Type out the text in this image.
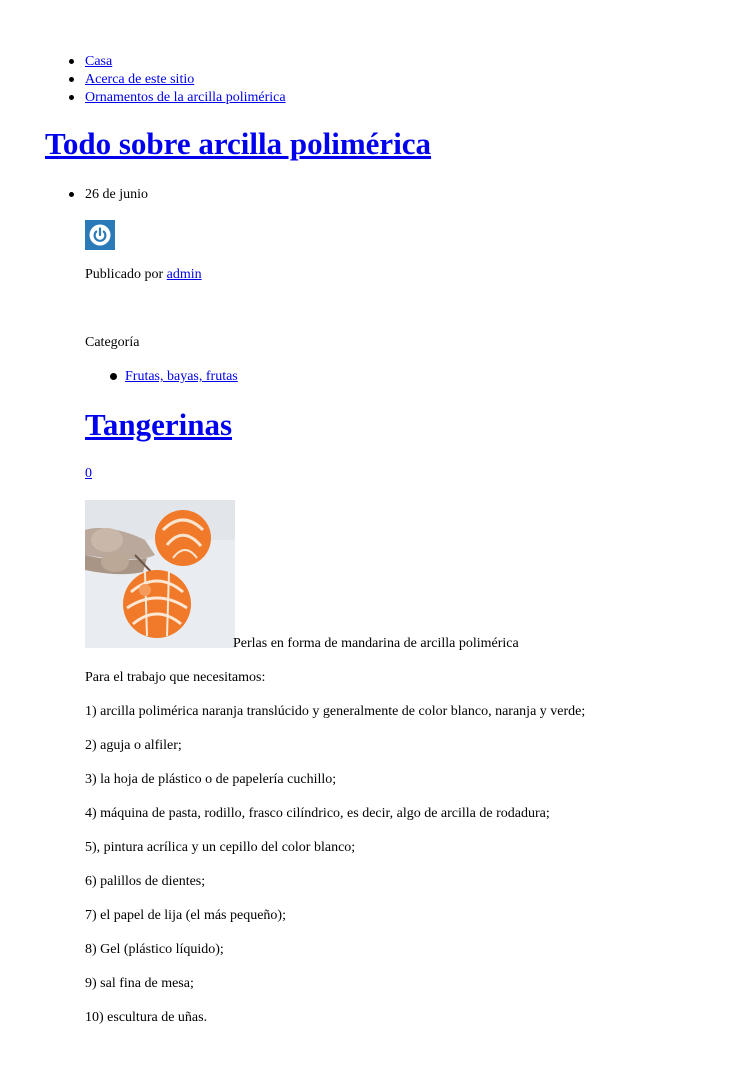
Casa
Acerca de este sitio
Ornamentos de la arcilla polimérica
Todo sobre arcilla polimérica
26 de junio
Publicado por admin
Categoría
Frutas, bayas, frutas
Tangerinas
0
Perlas en forma de mandarina de arcilla polimérica

Para el trabajo que necesitamos:

1) arcilla polimérica naranja translúcido y generalmente de color blanco, naranja y verde;

2) aguja o alfiler;

3) la hoja de plástico o de papelería cuchillo;

4) máquina de pasta, rodillo, frasco cilíndrico, es decir, algo de arcilla de rodadura;

5), pintura acrílica y un cepillo del color blanco;

6) palillos de dientes;

7) el papel de lija (el más pequeño);

8) Gel (plástico líquido);

9) sal fina de mesa;

10) escultura de uñas.
